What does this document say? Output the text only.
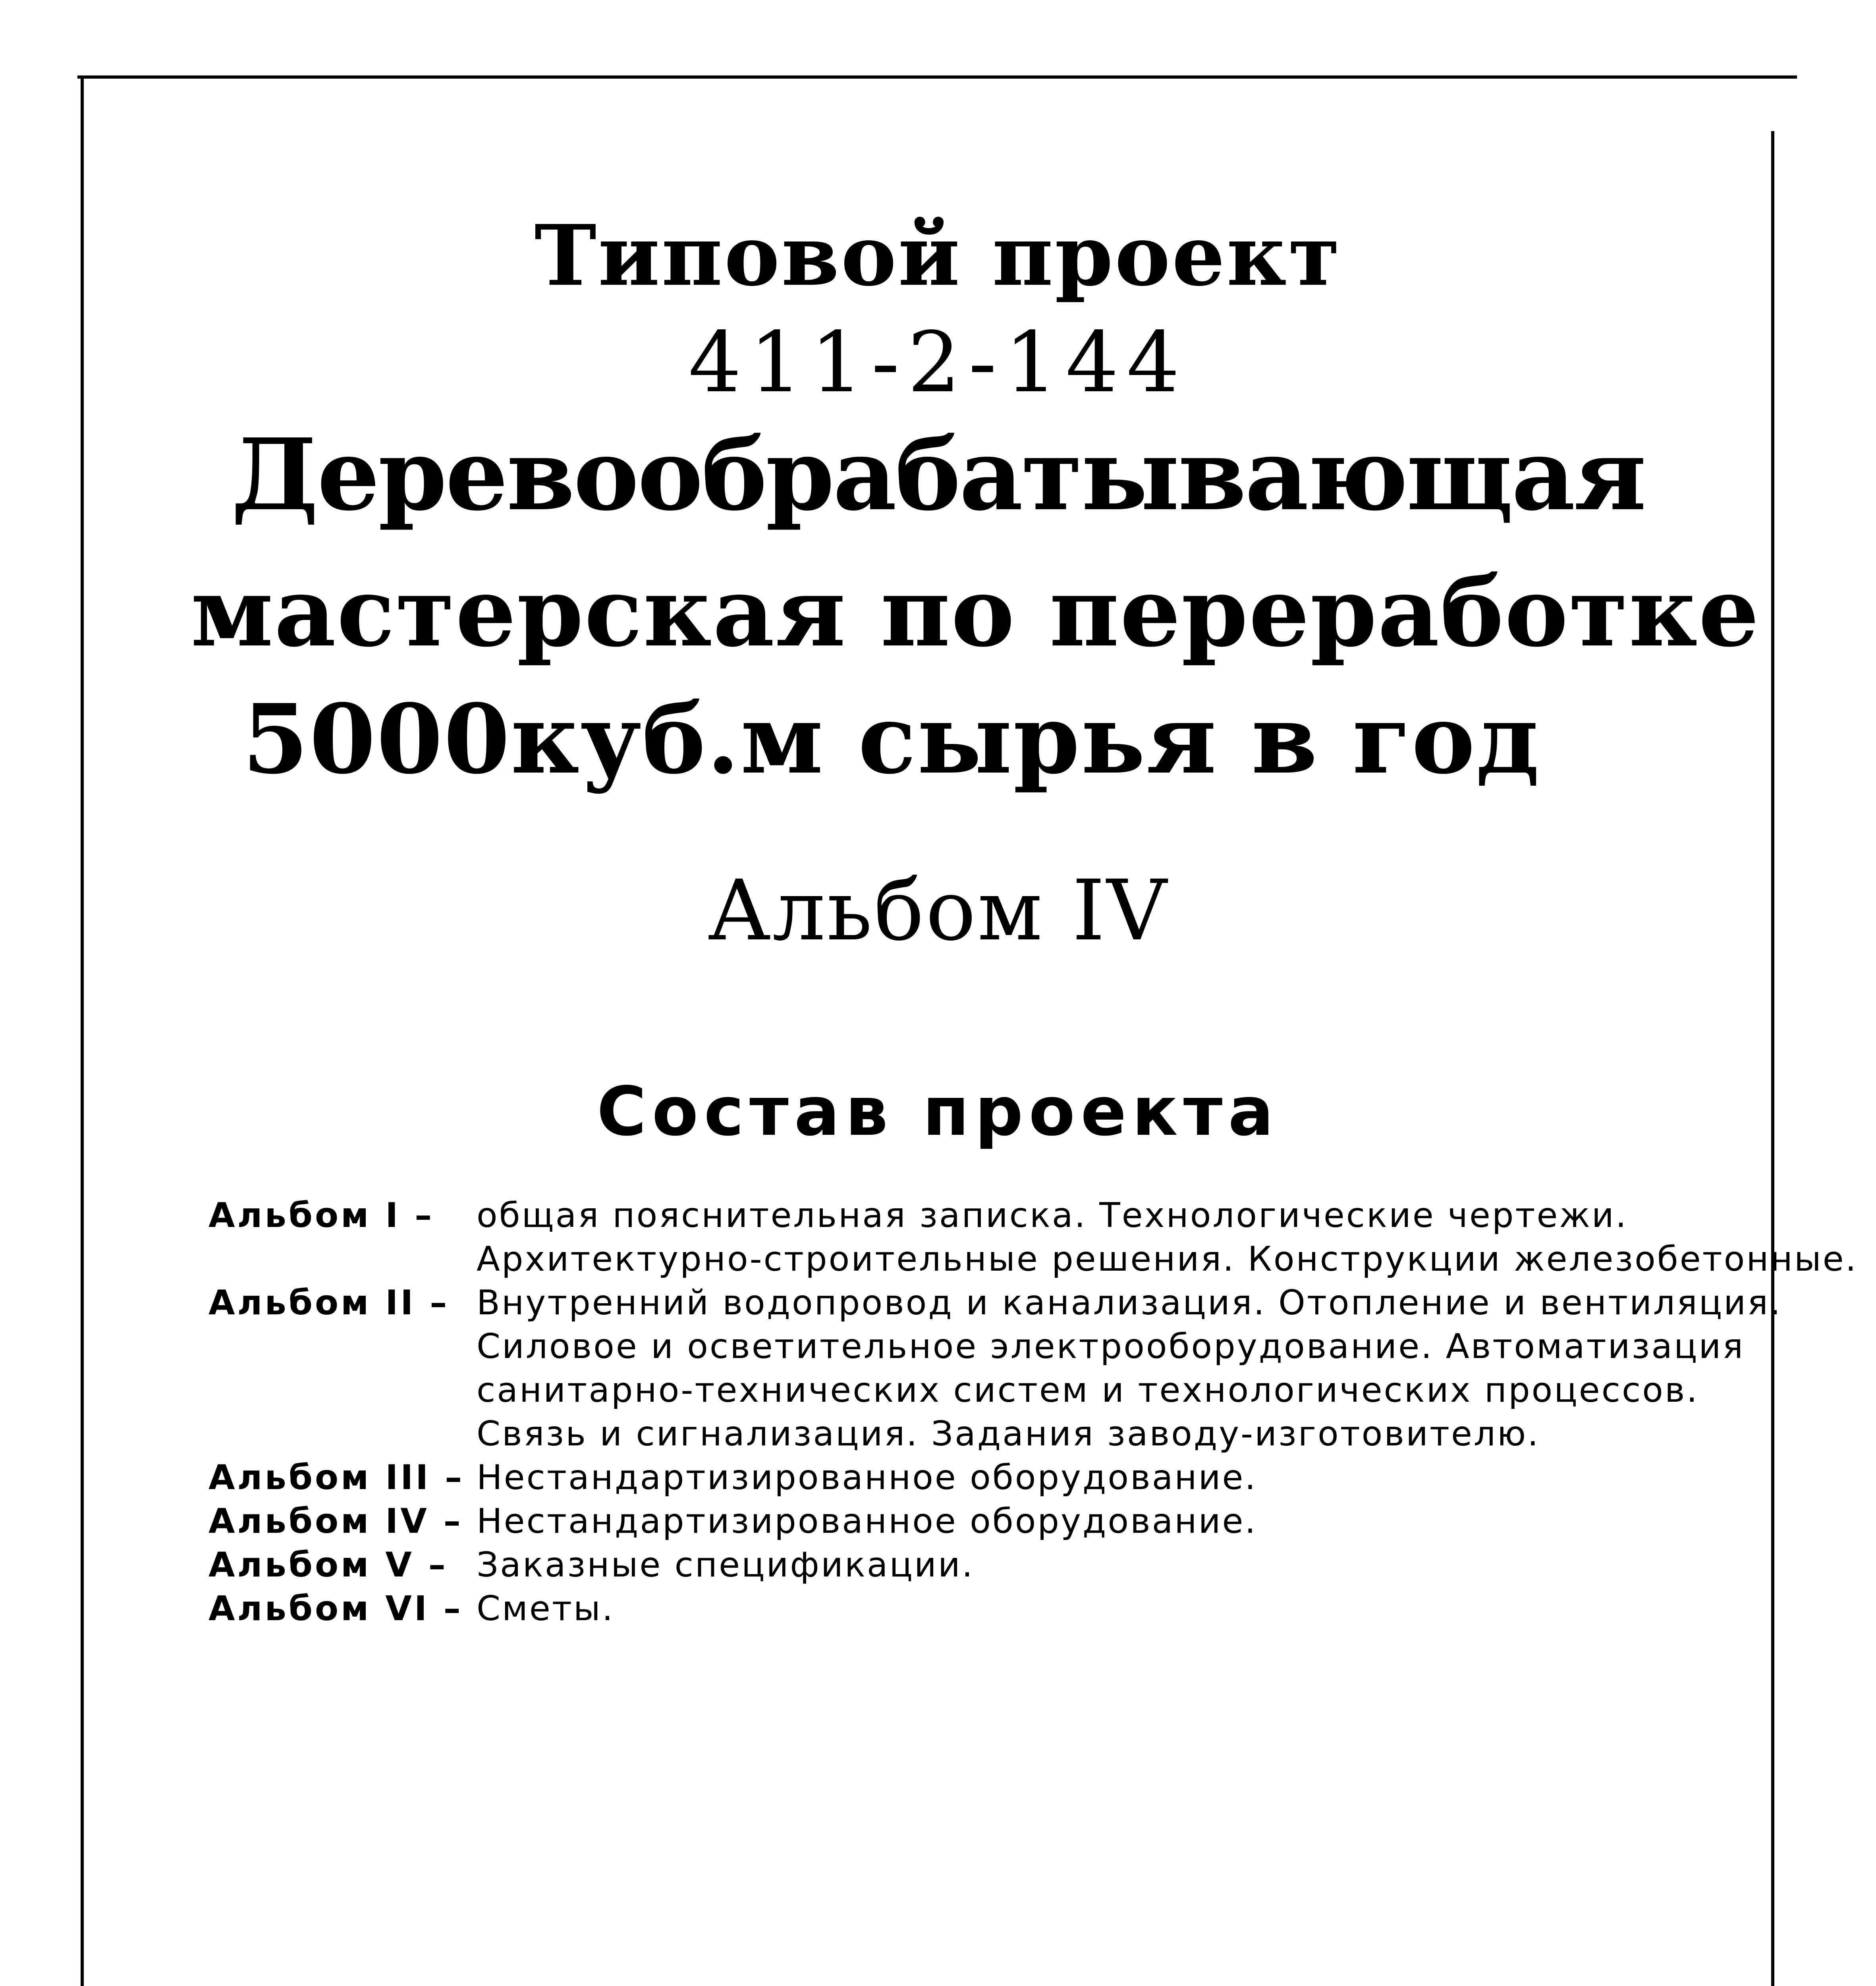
Типовой проект
411-2-144
Деревообрабатывающая
мастерская по переработке
5000куб.м сырья в год
Альбом IV
Состав проекта
Альбом I – общая пояснительная записка. Технологические чертежи.
Архитектурно-строительные решения. Конструкции железобетонные.
Альбом II – Внутренний водопровод и канализация. Отопление и вентиляция.
Силовое и осветительное электрооборудование. Автоматизация
санитарно-технических систем и технологических процессов.
Связь и сигнализация. Задания заводу-изготовителю.
Альбом III – Нестандартизированное оборудование.
Альбом IV – Нестандартизированное оборудование.
Альбом V – Заказные спецификации.
Альбом VI – Сметы.
